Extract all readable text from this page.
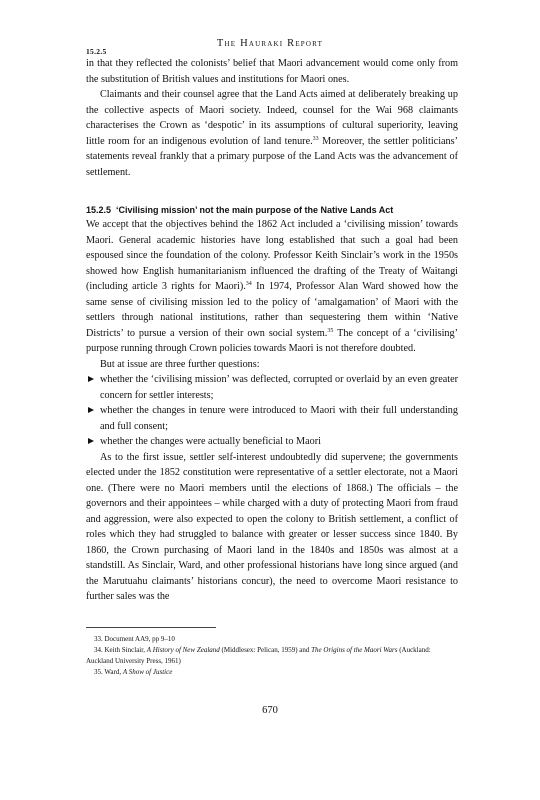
The Hauraki Report
15.2.5

in that they reflected the colonists’ belief that Maori advancement would come only from the substitution of British values and institutions for Maori ones.

Claimants and their counsel agree that the Land Acts aimed at deliberately breaking up the collective aspects of Maori society. Indeed, counsel for the Wai 968 claimants characterises the Crown as ‘despotic’ in its assumptions of cultural superiority, leaving little room for an indigenous evolution of land tenure.$^{33}$ Moreover, the settler politicians’ statements reveal frankly that a primary purpose of the Land Acts was the advancement of settlement.

15.2.5 ‘Civilising mission’ not the main purpose of the Native Lands Act

We accept that the objectives behind the 1862 Act included a ‘civilising mission’ towards Maori. General academic histories have long established that such a goal had been espoused since the foundation of the colony. Professor Keith Sinclair’s work in the 1950s showed how English humanitarianism influenced the drafting of the Treaty of Waitangi (including article 3 rights for Maori).$^{34}$ In 1974, Professor Alan Ward showed how the same sense of civilising mission led to the policy of ‘amalgamation’ of Maori with the settlers through national institutions, rather than sequestering them within ‘Native Districts’ to pursue a version of their own social system.$^{35}$ The concept of a ‘civilising’ purpose running through Crown policies towards Maori is not therefore doubted.

But at issue are three further questions:

whether the ‘civilising mission’ was deflected, corrupted or overlaid by an even greater concern for settler interests;
whether the changes in tenure were introduced to Maori with their full understanding and full consent;
whether the changes were actually beneficial to Maori

As to the first issue, settler self-interest undoubtedly did supervene; the governments elected under the 1852 constitution were representative of a settler electorate, not a Maori one. (There were no Maori members until the elections of 1868.) The officials – the governors and their appointees – while charged with a duty of protecting Maori from fraud and aggression, were also expected to open the colony to British settlement, a conflict of roles which they had struggled to balance with greater or lesser success since 1840. By 1860, the Crown purchasing of Maori land in the 1840s and 1850s was almost at a standstill. As Sinclair, Ward, and other professional historians have long since argued (and the Marutuahu claimants’ historians concur), the need to overcome Maori resistance to further sales was the

33. Document AA9, pp 9–10

34. Keith Sinclair, A History of New Zealand (Middlesex: Pelican, 1959) and The Origins of the Maori Wars (Auckland: Auckland University Press, 1961)

35. Ward, A Show of Justice

670
